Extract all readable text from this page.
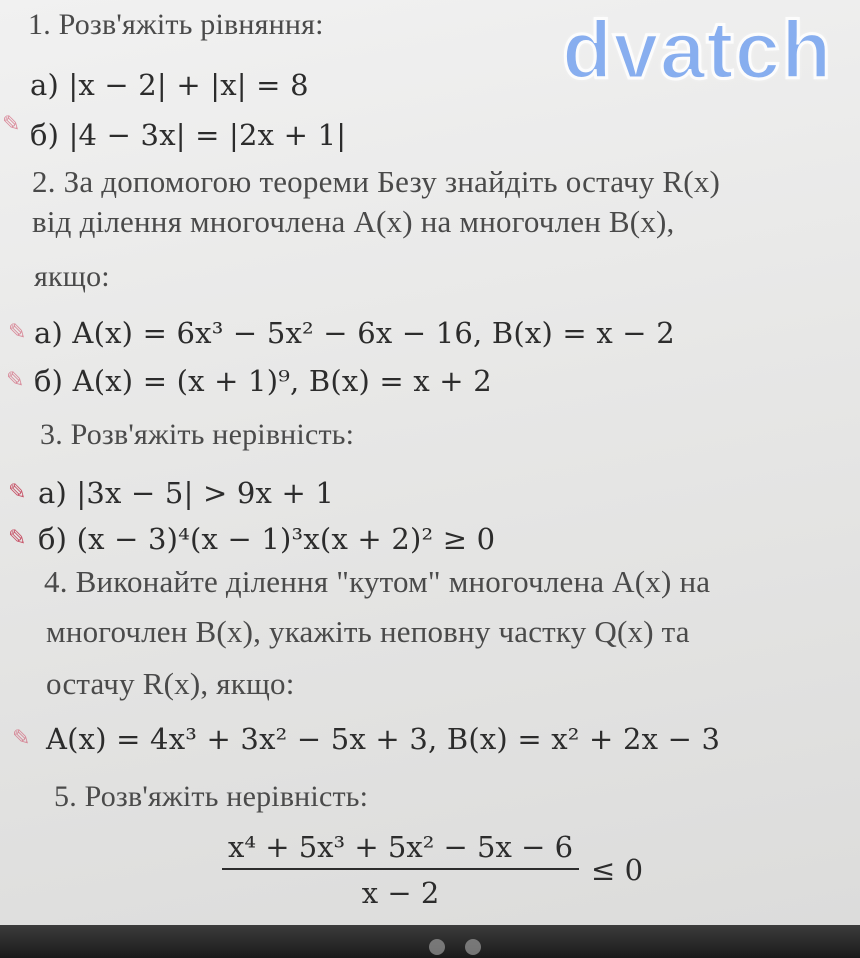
dvatch
1. Розв'яжіть рівняння:
а) |x − 2| + |x| = 8
б) |4 − 3x| = |2x + 1|
2. За допомогою теореми Безу знайдіть остачу R(x)
від ділення многочлена A(x) на многочлен B(x),
якщо:
а) A(x) = 6x³ − 5x² − 6x − 16, B(x) = x − 2
б) A(x) = (x + 1)⁹, B(x) = x + 2
3. Розв'яжіть нерівність:
а) |3x − 5| > 9x + 1
б) (x − 3)⁴(x − 1)³x(x + 2)² ≥ 0
4. Виконайте ділення "кутом" многочлена A(x) на
многочлен B(x), укажіть неповну частку Q(x) та
остачу R(x), якщо:
A(x) = 4x³ + 3x² − 5x + 3, B(x) = x² + 2x − 3
5. Розв'яжіть нерівність:
$\frac{\text{x⁴ + 5x³ + 5x² − 5x − 6}}{x - 2} \le 0$
✎
✎
✎
✎
✎
✎
